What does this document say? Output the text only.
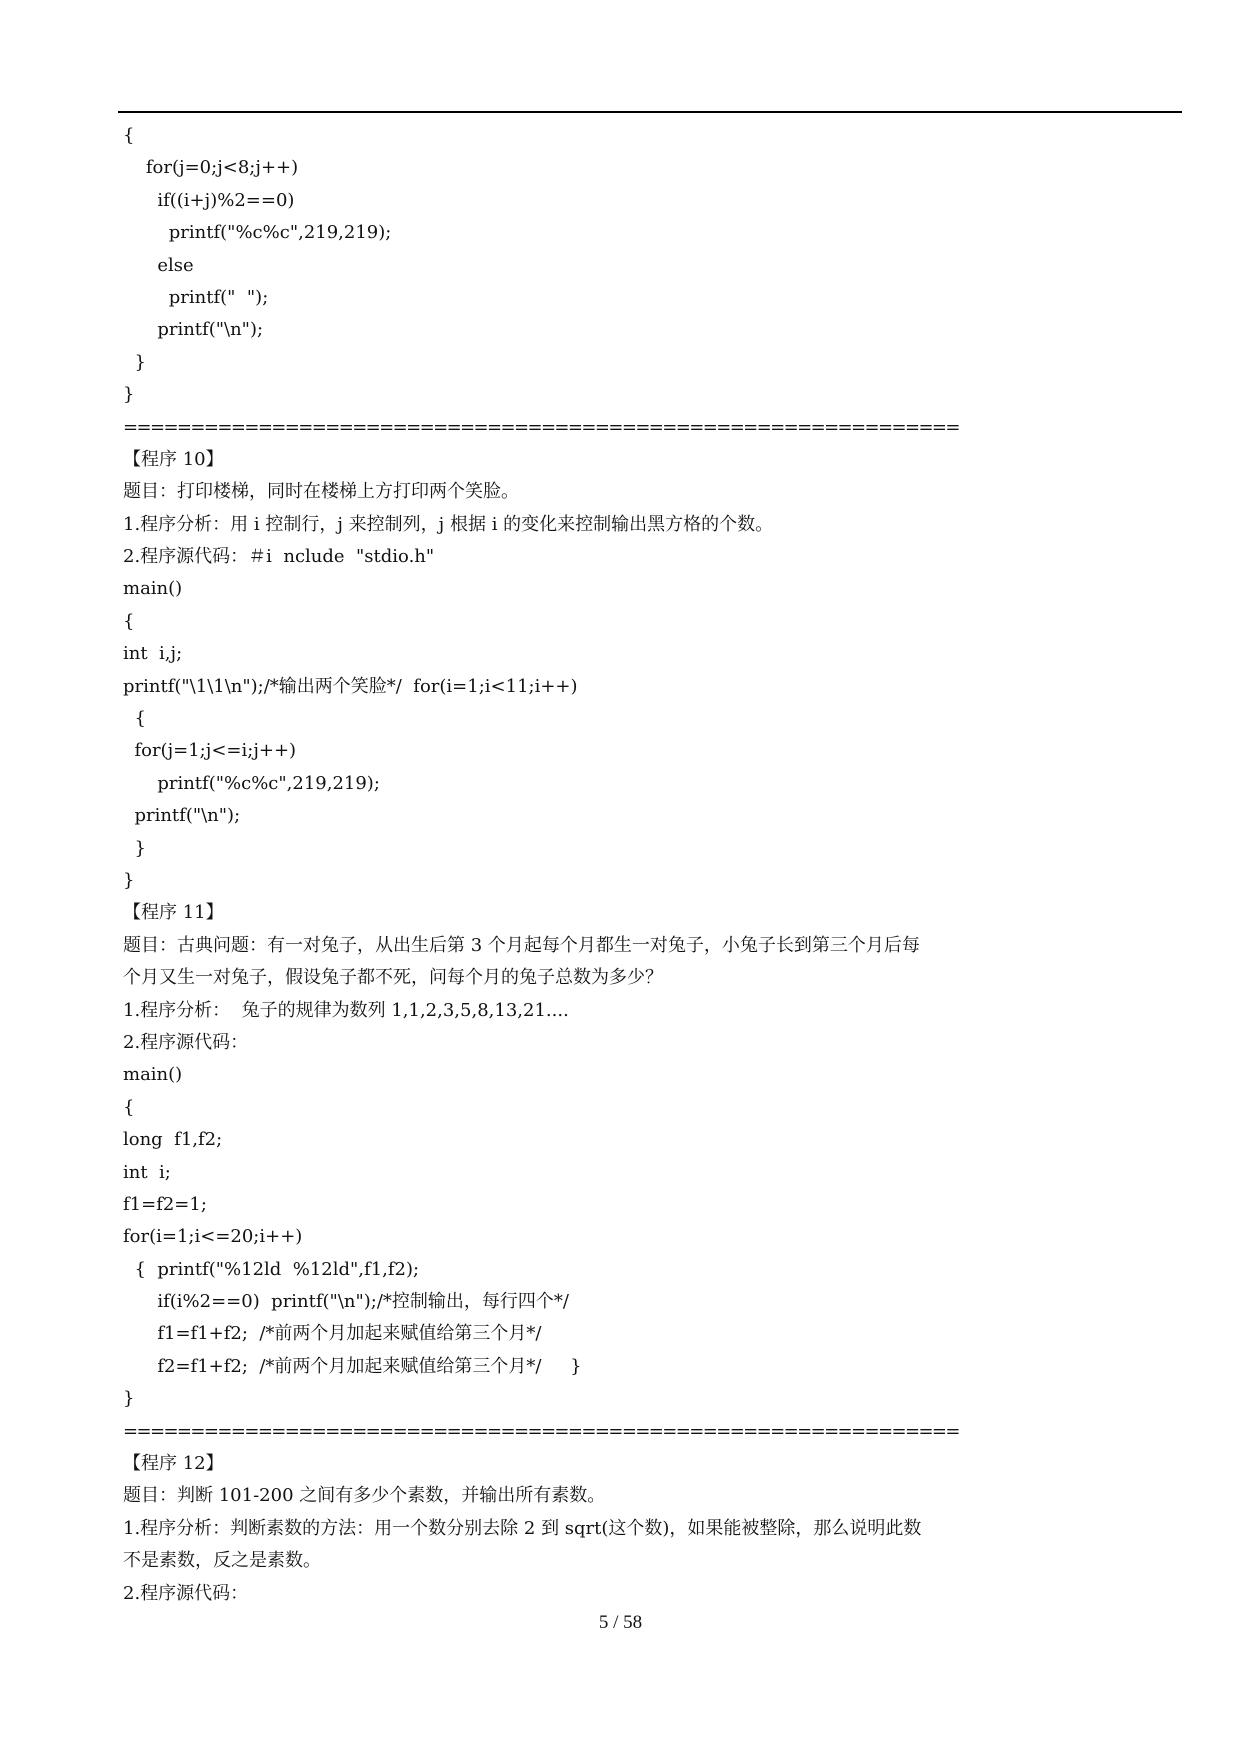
{
for(j=0;j<8;j++)
if((i+j)%2==0)
printf("%c%c",219,219);
else
printf("  ");
printf("\n");
}
}
==============================================================
【程序 10】
题目：打印楼梯，同时在楼梯上方打印两个笑脸。
1.程序分析：用 i 控制行，j 来控制列，j 根据 i 的变化来控制输出黑方格的个数。
2.程序源代码：＃i  nclude  "stdio.h"
main()
{
int  i,j;
printf("\1\1\n");/*输出两个笑脸*/  for(i=1;i<11;i++)
{
for(j=1;j<=i;j++)
printf("%c%c",219,219);
printf("\n");
}
}
【程序 11】
题目：古典问题：有一对兔子，从出生后第 3 个月起每个月都生一对兔子，小兔子长到第三个月后每
个月又生一对兔子，假设兔子都不死，问每个月的兔子总数为多少？
1.程序分析：  兔子的规律为数列 1,1,2,3,5,8,13,21....
2.程序源代码：
main()
{
long  f1,f2;
int  i;
f1=f2=1;
for(i=1;i<=20;i++)
{  printf("%12ld  %12ld",f1,f2);
if(i%2==0)  printf("\n");/*控制输出，每行四个*/
f1=f1+f2;  /*前两个月加起来赋值给第三个月*/
f2=f1+f2;  /*前两个月加起来赋值给第三个月*/     }
}
==============================================================
【程序 12】
题目：判断 101-200 之间有多少个素数，并输出所有素数。
1.程序分析：判断素数的方法：用一个数分别去除 2 到 sqrt(这个数)，如果能被整除，那么说明此数
不是素数，反之是素数。
2.程序源代码：
5 / 58
